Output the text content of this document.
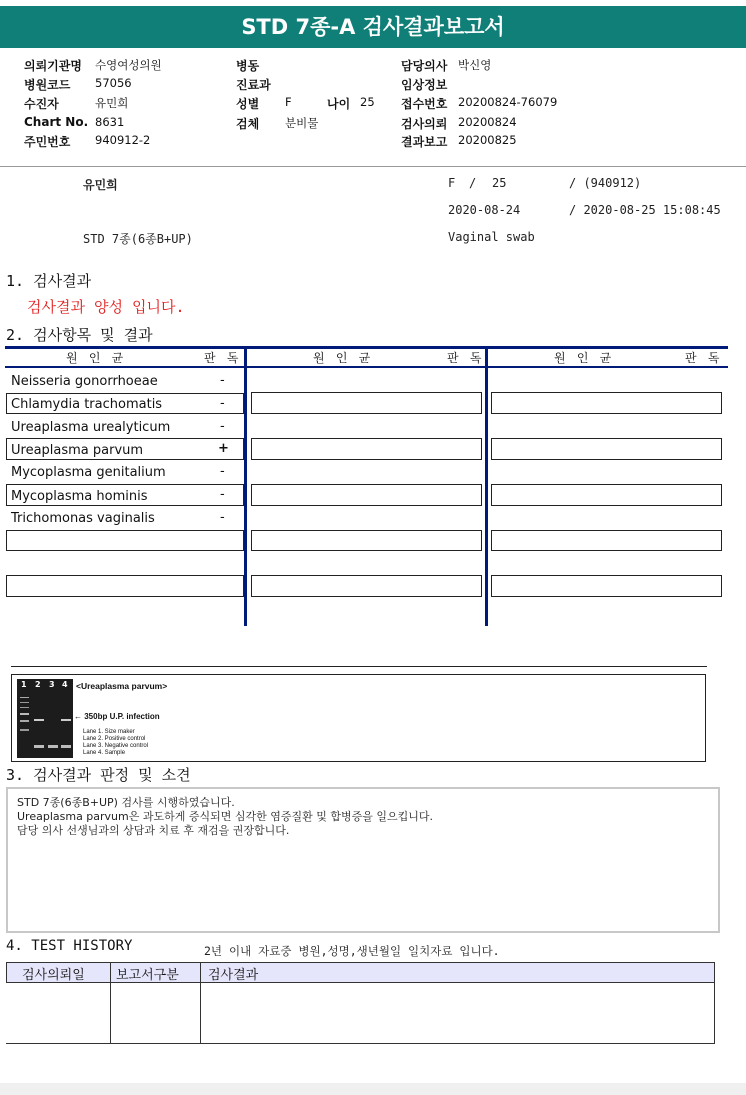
STD 7종-A 검사결과보고서
의뢰기관명 수영여성의원
병원코드 57056
수진자	유민희
Chart No. 8631
주민번호 940912-2
병동
진료과
성별 F	나이 25
검체 분비물
담당의사 박신영
임상정보
접수번호 20200824-76079
검사의뢰 20200824
결과보고 20200825
유민희	F / 25	/ (940912)
2020-08-24	/ 2020-08-25 15:08:45
STD 7종(6종B+UP)	Vaginal swab
1. 검사결과
검사결과 양성 입니다.
2. 검사항목 및 결과
원 인 균	판 독	원 인 균	판 독	원 인 균	판 독
Neisseria gonorrhoeae	-
Chlamydia trachomatis	-
Ureaplasma urealyticum	-
Ureaplasma parvum	+
Mycoplasma genitalium	-
Mycoplasma hominis	-
Trichomonas vaginalis	-
1 2 3 4 <Ureaplasma parvum>
← 350bp U.P. infection
Lane 1. Size maker
Lane 2. Positive control
Lane 3. Negative control
Lane 4. Sample
3. 검사결과 판정 및 소견
STD 7종(6종B+UP) 검사를 시행하였습니다.
Ureaplasma parvum은 과도하게 증식되면 심각한 염증질환 및 합병증을 일으킵니다.
담당 의사 선생님과의 상담과 치료 후 재검을 권장합니다.
4. TEST HISTORY	2년 이내 자료중 병원,성명,생년월일 일치자료 입니다.
검사의뢰일 보고서구분 검사결과
